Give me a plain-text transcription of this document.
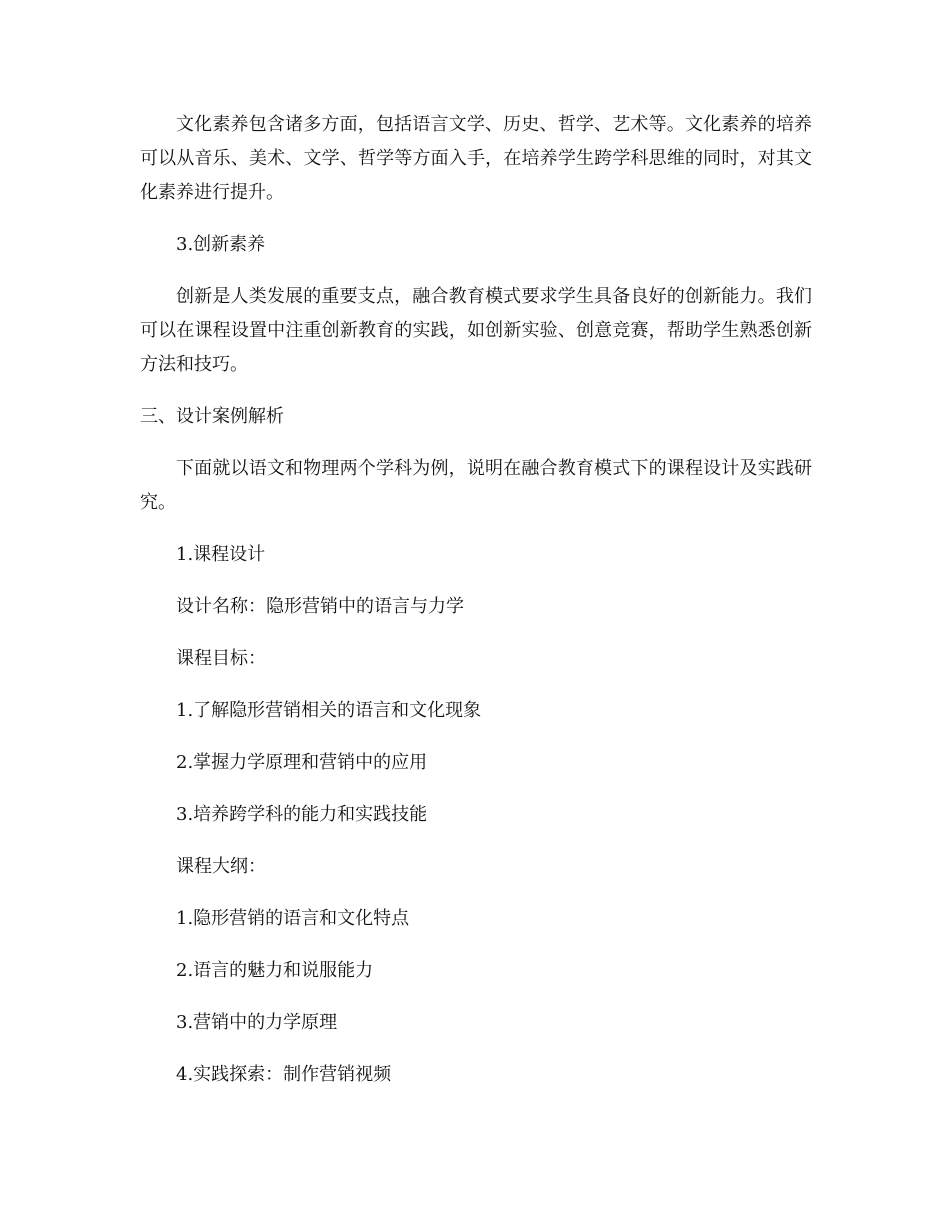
文化素养包含诸多方面，包括语言文学、历史、哲学、艺术等。文化素养的培养可以从音乐、美术、文学、哲学等方面入手，在培养学生跨学科思维的同时，对其文化素养进行提升。

3.创新素养

创新是人类发展的重要支点，融合教育模式要求学生具备良好的创新能力。我们可以在课程设置中注重创新教育的实践，如创新实验、创意竞赛，帮助学生熟悉创新方法和技巧。

三、设计案例解析

下面就以语文和物理两个学科为例，说明在融合教育模式下的课程设计及实践研究。

1.课程设计

设计名称：隐形营销中的语言与力学

课程目标：

1.了解隐形营销相关的语言和文化现象

2.掌握力学原理和营销中的应用

3.培养跨学科的能力和实践技能

课程大纲：

1.隐形营销的语言和文化特点

2.语言的魅力和说服能力

3.营销中的力学原理

4.实践探索：制作营销视频
